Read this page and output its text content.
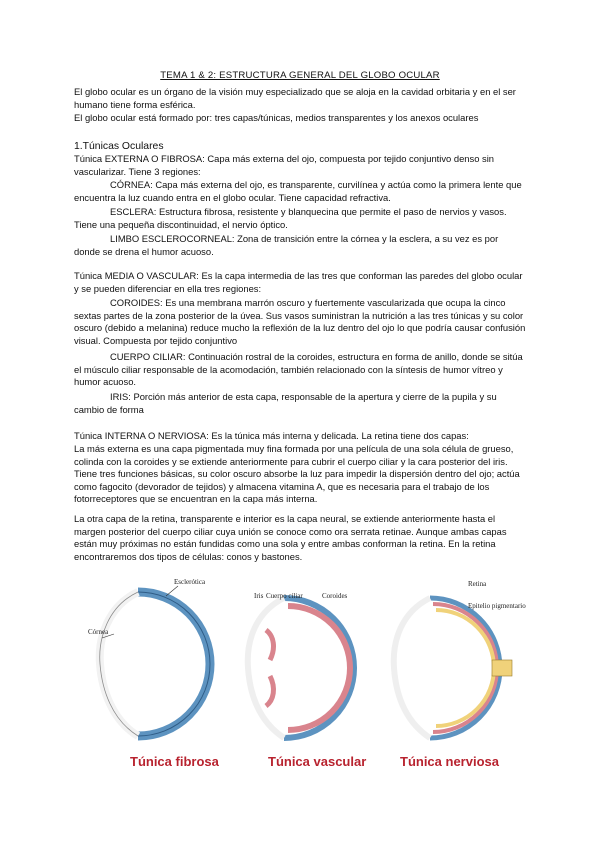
TEMA 1 & 2: ESTRUCTURA GENERAL DEL GLOBO OCULAR

El globo ocular es un órgano de la visión muy especializado que se aloja en la cavidad orbitaria y en el ser humano tiene forma esférica.

El globo ocular está formado por: tres capas/túnicas, medios transparentes y los anexos oculares

1.Túnicas Oculares

Túnica EXTERNA O FIBROSA: Capa más externa del ojo, compuesta por tejido conjuntivo denso sin vascularizar. Tiene 3 regiones:

CÓRNEA: Capa más externa del ojo, es transparente, curvilínea y actúa como la primera lente que encuentra la luz cuando entra en el globo ocular. Tiene capacidad refractiva.

ESCLERA: Estructura fibrosa, resistente y blanquecina que permite el paso de nervios y vasos. Tiene una pequeña discontinuidad, el nervio óptico.

LIMBO ESCLEROCORNEAL: Zona de transición entre la córnea y la esclera, a su vez es por donde se drena el humor acuoso.

Túnica MEDIA O VASCULAR: Es la capa intermedia de las tres que conforman las paredes del globo ocular y se pueden diferenciar en ella tres regiones:

COROIDES: Es una membrana marrón oscuro y fuertemente vascularizada que ocupa la cinco sextas partes de la zona posterior de la úvea. Sus vasos suministran la nutrición a las tres túnicas y su color oscuro (debido a melanina) reduce mucho la reflexión de la luz dentro del ojo lo que podría causar confusión visual. Compuesta por tejido conjuntivo

CUERPO CILIAR: Continuación rostral de la coroides, estructura en forma de anillo, donde se sitúa el músculo ciliar responsable de la acomodación, también relacionado con la síntesis de humor vítreo y humor acuoso.

IRIS: Porción más anterior de esta capa, responsable de la apertura y cierre de la pupila y su cambio de forma

Túnica INTERNA O NERVIOSA: Es la túnica más interna y delicada. La retina tiene dos capas:

La más externa es una capa pigmentada muy fina formada por una película de una sola célula de grueso, colinda con la coroides y se extiende anteriormente para cubrir el cuerpo ciliar y la cara posterior del iris. Tiene tres funciones básicas, su color oscuro absorbe la luz para impedir la dispersión dentro del ojo; actúa como fagocito (devorador de tejidos) y almacena vitamina A, que es necesaria para el trabajo de los fotorreceptores que se encuentran en la capa más interna.

La otra capa de la retina, transparente e interior es la capa neural, se extiende anteriormente hasta el margen posterior del cuerpo ciliar cuya unión se conoce como ora serrata retinae. Aunque ambas capas están muy próximas no están fundidas como una sola y entre ambas conforman la retina. En la retina encontraremos dos tipos de células: conos y bastones.

Esclerótica
Córnea
Iris Cuerpo ciliar	Coroides
Retina
Epitelio pigmentario
Túnica fibrosa	Túnica vascular	Túnica nerviosa
